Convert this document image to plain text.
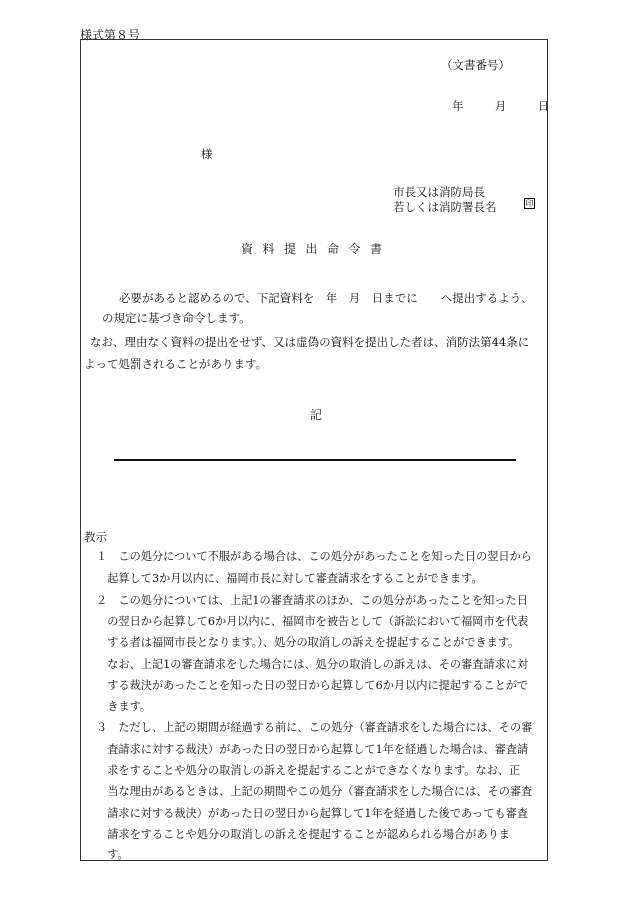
様式第８号
（文書番号）
年	月	日
様
市長又は消防局長
若しくは消防署長名	印
資料提出命令書
必要があると認めるので、下記資料を　年　月　日までに　　へ提出するよう、
の規定に基づき命令します。
なお、理由なく資料の提出をせず、又は虚偽の資料を提出した者は、消防法第44条に
よって処罰されることがあります。
記
教示
１　この処分について不服がある場合は、この処分があったことを知った日の翌日から
　起算して3か月以内に、福岡市長に対して審査請求をすることができます。
２　この処分については、上記1の審査請求のほか、この処分があったことを知った日
　の翌日から起算して6か月以内に、福岡市を被告として（訴訟において福岡市を代表
　する者は福岡市長となります。）、処分の取消しの訴えを提起することができます。
　なお、上記1の審査請求をした場合には、処分の取消しの訴えは、その審査請求に対
　する裁決があったことを知った日の翌日から起算して6か月以内に提起することがで
　きます。
３　ただし、上記の期間が経過する前に、この処分（審査請求をした場合には、その審
　査請求に対する裁決）があった日の翌日から起算して1年を経過した場合は、審査請
　求をすることや処分の取消しの訴えを提起することができなくなります。なお、正
　当な理由があるときは、上記の期間やこの処分（審査請求をした場合には、その審査
　請求に対する裁決）があった日の翌日から起算して1年を経過した後であっても審査
　請求をすることや処分の取消しの訴えを提起することが認められる場合がありま
　す。
